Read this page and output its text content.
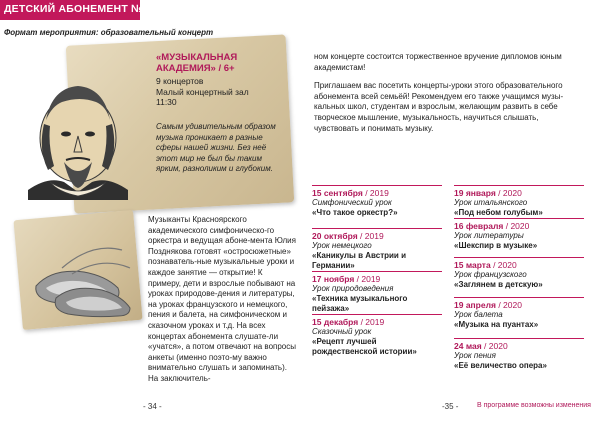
ДЕТСКИЙ АБОНЕМЕНТ № 2
Формат мероприятия: образовательный концерт
«МУЗЫКАЛЬНАЯ
АКАДЕМИЯ» / 6+
9 концертов
Малый концертный зал
11:30
Самым удивительным образом музыка проникает в разные сферы нашей жизни. Без неё этот мир не был бы таким ярким, разноликим и глубоким.
Музыканты Красноярского академического симфоническо-го оркестра и ведущая абоне-мента Юлия Позднякова готовят «остросюжетные» познаватель-ные музыкальные уроки и каждое занятие — открытие! К примеру, дети и взрослые побывают на уроках природове-дения и литературы, на уроках французского и немецкого, пения и балета, на симфоническом и сказочном уроках и т.д. На всех концертах абонемента слушате-ли «учатся», а потом отвечают на вопросы анкеты (именно поэто-му важно внимательно слушать и запоминать). На заключитель-
- 34 -

ном концерте состоится торжественное вручение дипломов юным академистам!

Приглашаем вас посетить концерты-уроки этого образовательного абонемента всей семьёй! Рекомендуем его также учащимся музы-кальных школ, студентам и взрослым, желающим развить в себе творческое мышление, музыкальность, научиться слышать, чувствовать и понимать музыку.

15 сентября / 2019
Симфонический урок
«Что такое оркестр?»
20 октября / 2019
Урок немецкого
«Каникулы в Австрии и Германии»
17 ноября / 2019
Урок природоведения
«Техника музыкального пейзажа»
15 декабря / 2019
Сказочный урок
«Рецепт лучшей рождественской истории»
19 января / 2020
Урок итальянского
«Под небом голубым»
16 февраля / 2020
Урок литературы
«Шекспир в музыке»
15 марта / 2020
Урок французского
«Заглянем в детскую»
19 апреля / 2020
Урок балета
«Музыка на пуантах»
24 мая / 2020
Урок пения
«Её величество опера»
-35 -	В программе возможны изменения
